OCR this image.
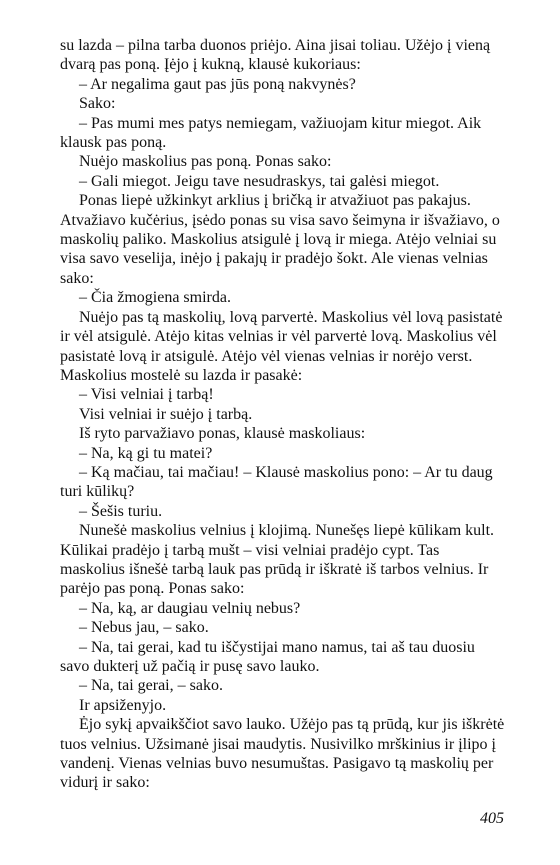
su lazda – pilna tarba duonos priėjo. Aina jisai toliau. Užėjo į vieną dvarą pas poną. Įėjo į kukną, klausė kukoriaus:

– Ar negalima gaut pas jūs poną nakvynės?

Sako:

– Pas mumi mes patys nemiegam, važiuojam kitur miegot. Aik klausk pas poną.

Nuėjo maskolius pas poną. Ponas sako:

– Gali miegot. Jeigu tave nesudraskys, tai galėsi miegot.

Ponas liepė užkinkyt arklius į bričką ir atvažiuot pas pakajus. Atvažiavo kučėrius, įsėdo ponas su visa savo šeimyna ir išvažiavo, o maskolių paliko. Maskolius atsigulė į lovą ir miega. Atėjo velniai su visa savo veselija, inėjo į pakajų ir pradėjo šokt. Ale vienas velnias sako:

– Čia žmogiena smirda.

Nuėjo pas tą maskolių, lovą parvertė. Maskolius vėl lovą pasistatė ir vėl atsigulė. Atėjo kitas velnias ir vėl parvertė lovą. Maskolius vėl pasistatė lovą ir atsigulė. Atėjo vėl vienas velnias ir norėjo verst. Maskolius mostelė su lazda ir pasakė:

– Visi velniai į tarbą!

Visi velniai ir suėjo į tarbą.

Iš ryto parvažiavo ponas, klausė maskoliaus:

– Na, ką gi tu matei?

– Ką mačiau, tai mačiau! – Klausė maskolius pono: – Ar tu daug turi kūlikų?

– Šešis turiu.

Nunešė maskolius velnius į klojimą. Nunešęs liepė kūlikam kult. Kūlikai pradėjo į tarbą mušt – visi velniai pradėjo cypt. Tas maskolius išnešė tarbą lauk pas prūdą ir iškratė iš tarbos velnius. Ir parėjo pas poną. Ponas sako:

– Na, ką, ar daugiau velnių nebus?

– Nebus jau, – sako.

– Na, tai gerai, kad tu iščystijai mano namus, tai aš tau duosiu savo dukterį už pačią ir pusę savo lauko.

– Na, tai gerai, – sako.

Ir apsiženyjo.

Ėjo sykį apvaikščiot savo lauko. Užėjo pas tą prūdą, kur jis iškrėtė tuos velnius. Užsimanė jisai maudytis. Nusivilko mrškinius ir įlipo į vandenį. Vienas velnias buvo nesumuštas. Pasigavo tą maskolių per vidurį ir sako:

405
